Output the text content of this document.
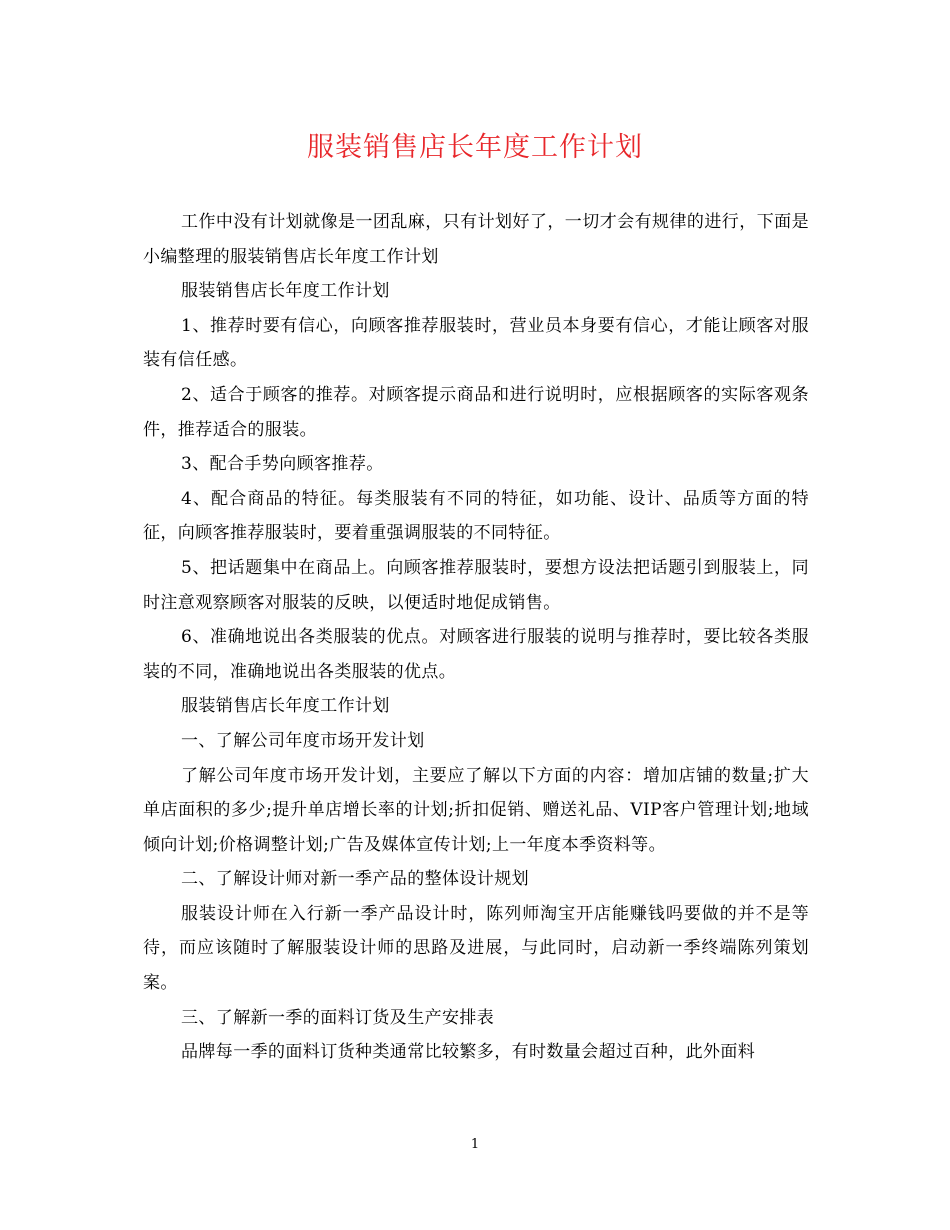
服装销售店长年度工作计划

工作中没有计划就像是一团乱麻，只有计划好了，一切才会有规律的进行，下面是小编整理的服装销售店长年度工作计划

服装销售店长年度工作计划

1、推荐时要有信心，向顾客推荐服装时，营业员本身要有信心，才能让顾客对服装有信任感。

2、适合于顾客的推荐。对顾客提示商品和进行说明时，应根据顾客的实际客观条件，推荐适合的服装。

3、配合手势向顾客推荐。

4、配合商品的特征。每类服装有不同的特征，如功能、设计、品质等方面的特征，向顾客推荐服装时，要着重强调服装的不同特征。

5、把话题集中在商品上。向顾客推荐服装时，要想方设法把话题引到服装上，同时注意观察顾客对服装的反映，以便适时地促成销售。

6、准确地说出各类服装的优点。对顾客进行服装的说明与推荐时，要比较各类服装的不同，准确地说出各类服装的优点。

服装销售店长年度工作计划

一、了解公司年度市场开发计划

了解公司年度市场开发计划，主要应了解以下方面的内容：增加店铺的数量;扩大单店面积的多少;提升单店增长率的计划;折扣促销、赠送礼品、VIP客户管理计划;地域倾向计划;价格调整计划;广告及媒体宣传计划;上一年度本季资料等。

二、了解设计师对新一季产品的整体设计规划

服装设计师在入行新一季产品设计时，陈列师淘宝开店能赚钱吗要做的并不是等待，而应该随时了解服装设计师的思路及进展，与此同时，启动新一季终端陈列策划案。

三、了解新一季的面料订货及生产安排表

品牌每一季的面料订货种类通常比较繁多，有时数量会超过百种，此外面料

1
